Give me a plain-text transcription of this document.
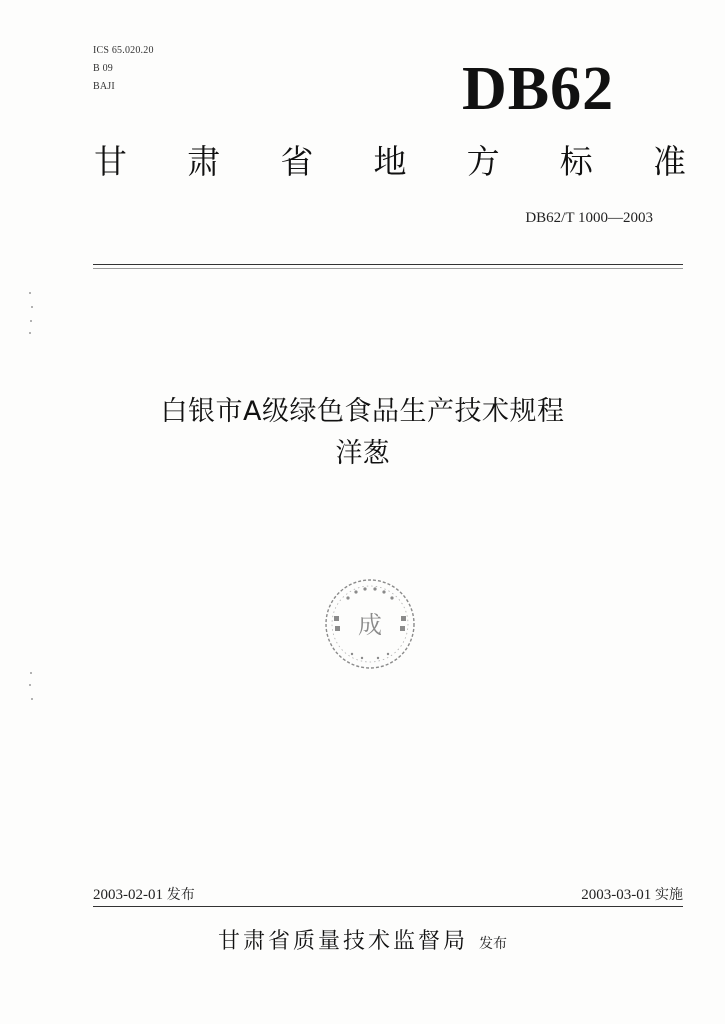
ICS 65.020.20
B 09
BAJI	DB62
甘 肃 省 地 方 标 准
DB62/T 1000—2003
白银市A级绿色食品生产技术规程
洋葱
成
2003-02-01 发布	2003-03-01 实施
甘肃省质量技术监督局 发布
